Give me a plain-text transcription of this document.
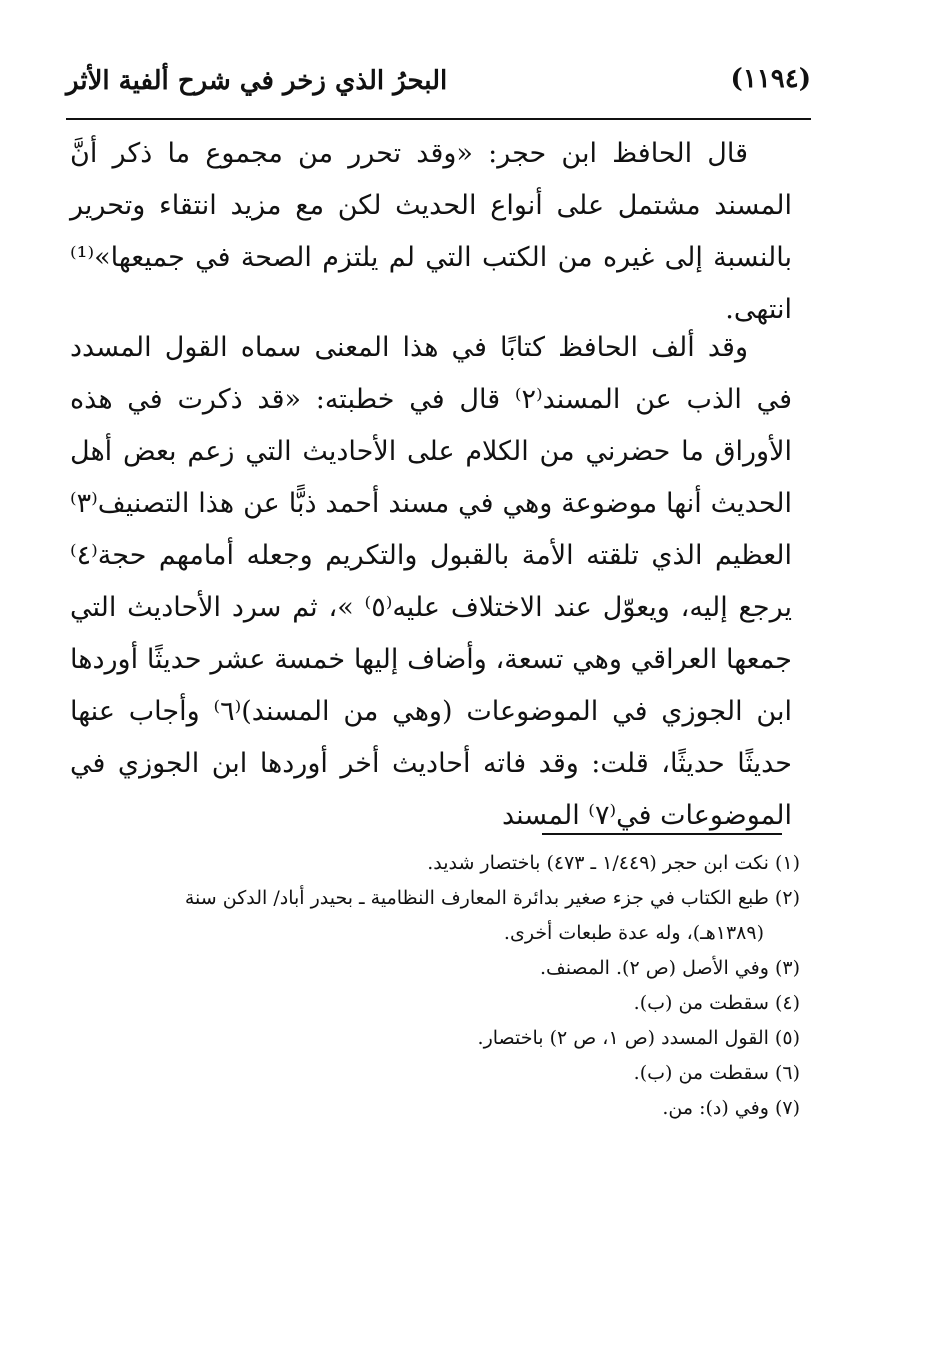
البحرُ الذي زخر في شرح ألفية الأثر	(١١٩٤)

قال الحافظ ابن حجر: «وقد تحرر من مجموع ما ذكر أنَّ المسند مشتمل على أنواع الحديث لكن مع مزيد انتقاء وتحرير بالنسبة إلى غيره من الكتب التي لم يلتزم الصحة في جميعها»⁽¹⁾ انتهى.

وقد ألف الحافظ كتابًا في هذا المعنى سماه القول المسدد في الذب عن المسند⁽٢⁾ قال في خطبته: «قد ذكرت في هذه الأوراق ما حضرني من الكلام على الأحاديث التي زعم بعض أهل الحديث أنها موضوعة وهي في مسند أحمد ذبًّا عن هذا التصنيف⁽٣⁾ العظيم الذي تلقته الأمة بالقبول والتكريم وجعله أمامهم حجة⁽٤⁾ يرجع إليه، ويعوّل عند الاختلاف عليه⁽٥⁾ »، ثم سرد الأحاديث التي جمعها العراقي وهي تسعة، وأضاف إليها خمسة عشر حديثًا أوردها ابن الجوزي في الموضوعات (وهي من المسند)⁽٦⁾ وأجاب عنها حديثًا حديثًا، قلت: وقد فاته أحاديث أخر أوردها ابن الجوزي في الموضوعات في⁽٧⁾ المسند

(١) نكت ابن حجر (١/٤٤٩ ـ ٤٧٣) باختصار شديد.

(٢) طبع الكتاب في جزء صغير بدائرة المعارف النظامية ـ بحيدر أباد/ الدكن سنة
(١٣٨٩هـ)، وله عدة طبعات أخرى.

(٣) وفي الأصل (ص ٢). المصنف.

(٤) سقطت من (ب).

(٥) القول المسدد (ص ١، ص ٢) باختصار.

(٦) سقطت من (ب).

(٧) وفي (د): من.
